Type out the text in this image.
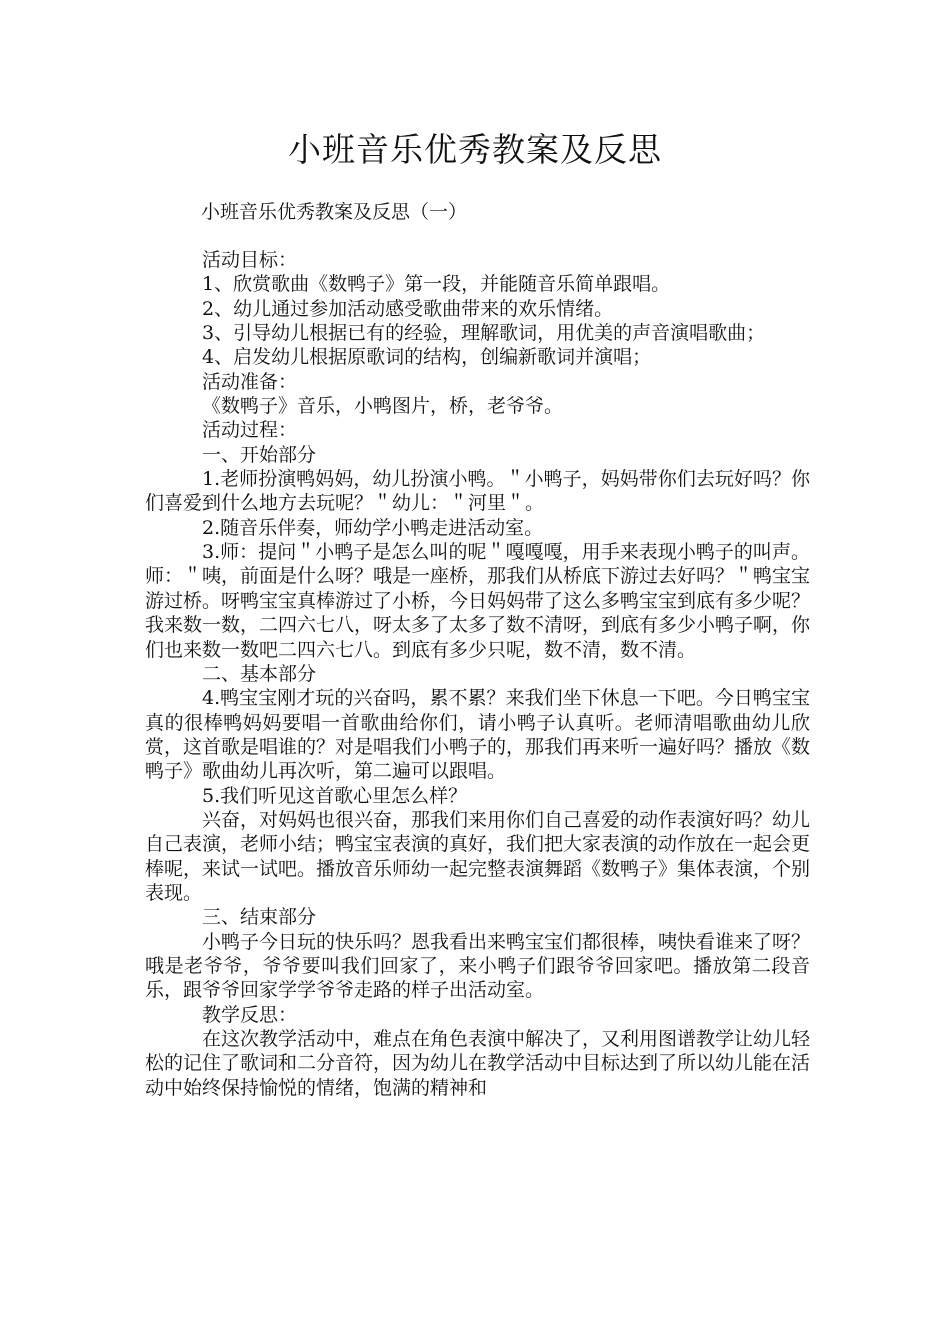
小班音乐优秀教案及反思
小班音乐优秀教案及反思（一）

活动目标：

1、欣赏歌曲《数鸭子》第一段，并能随音乐简单跟唱。

2、幼儿通过参加活动感受歌曲带来的欢乐情绪。

3、引导幼儿根据已有的经验，理解歌词，用优美的声音演唱歌曲；

4、启发幼儿根据原歌词的结构，创编新歌词并演唱；

活动准备：

《数鸭子》音乐，小鸭图片，桥，老爷爷。

活动过程：

一、开始部分

1.老师扮演鸭妈妈，幼儿扮演小鸭。＂小鸭子，妈妈带你们去玩好吗？你们喜爱到什么地方去玩呢？＂幼儿：＂河里＂。

2.随音乐伴奏，师幼学小鸭走进活动室。

3.师：提问＂小鸭子是怎么叫的呢＂嘎嘎嘎，用手来表现小鸭子的叫声。师：＂咦，前面是什么呀？哦是一座桥，那我们从桥底下游过去好吗？＂鸭宝宝游过桥。呀鸭宝宝真棒游过了小桥，今日妈妈带了这么多鸭宝宝到底有多少呢？我来数一数，二四六七八，呀太多了太多了数不清呀，到底有多少小鸭子啊，你们也来数一数吧二四六七八。到底有多少只呢，数不清，数不清。

二、基本部分

4.鸭宝宝刚才玩的兴奋吗，累不累？来我们坐下休息一下吧。今日鸭宝宝真的很棒鸭妈妈要唱一首歌曲给你们，请小鸭子认真听。老师清唱歌曲幼儿欣赏，这首歌是唱谁的？对是唱我们小鸭子的，那我们再来听一遍好吗？播放《数鸭子》歌曲幼儿再次听，第二遍可以跟唱。

5.我们听见这首歌心里怎么样？

兴奋，对妈妈也很兴奋，那我们来用你们自己喜爱的动作表演好吗？幼儿自己表演，老师小结；鸭宝宝表演的真好，我们把大家表演的动作放在一起会更棒呢，来试一试吧。播放音乐师幼一起完整表演舞蹈《数鸭子》集体表演，个别表现。

三、结束部分

小鸭子今日玩的快乐吗？恩我看出来鸭宝宝们都很棒，咦快看谁来了呀？哦是老爷爷，爷爷要叫我们回家了，来小鸭子们跟爷爷回家吧。播放第二段音乐，跟爷爷回家学学爷爷走路的样子出活动室。

教学反思：

在这次教学活动中，难点在角色表演中解决了，又利用图谱教学让幼儿轻松的记住了歌词和二分音符，因为幼儿在教学活动中目标达到了所以幼儿能在活动中始终保持愉悦的情绪，饱满的精神和
